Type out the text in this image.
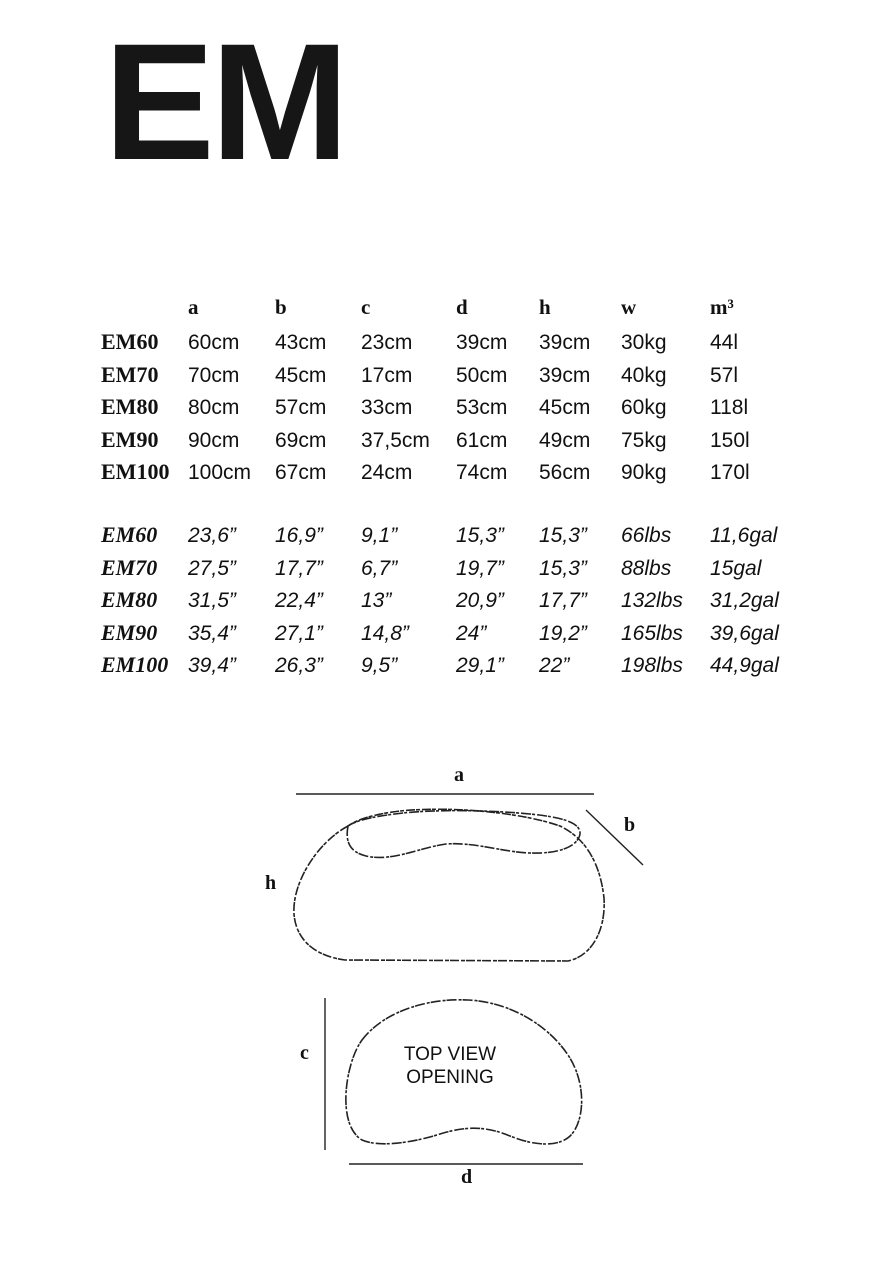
EM
a	b	c	d	h	w	m³
EM60 60cm 43cm 23cm 39cm 39cm 30kg 44l
EM70 70cm 45cm 17cm 50cm 39cm 40kg 57l
EM80 80cm 57cm 33cm 53cm 45cm 60kg 118l
EM90 90cm 69cm 37,5cm 61cm 49cm 75kg 150l
EM100 100cm 67cm 24cm 74cm 56cm 90kg 170l
EM60 23,6” 16,9” 9,1”	15,3” 15,3” 66lbs 11,6gal
EM70 27,5” 17,7” 6,7”	19,7” 15,3” 88lbs 15gal
EM80 31,5” 22,4” 13”	20,9” 17,7” 132lbs 31,2gal
EM90 35,4” 27,1” 14,8” 24”	19,2” 165lbs 39,6gal
EM100 39,4” 26,3” 9,5”	29,1” 22” 198lbs 44,9gal
a
b
h
c
d
TOP VIEW
OPENING
